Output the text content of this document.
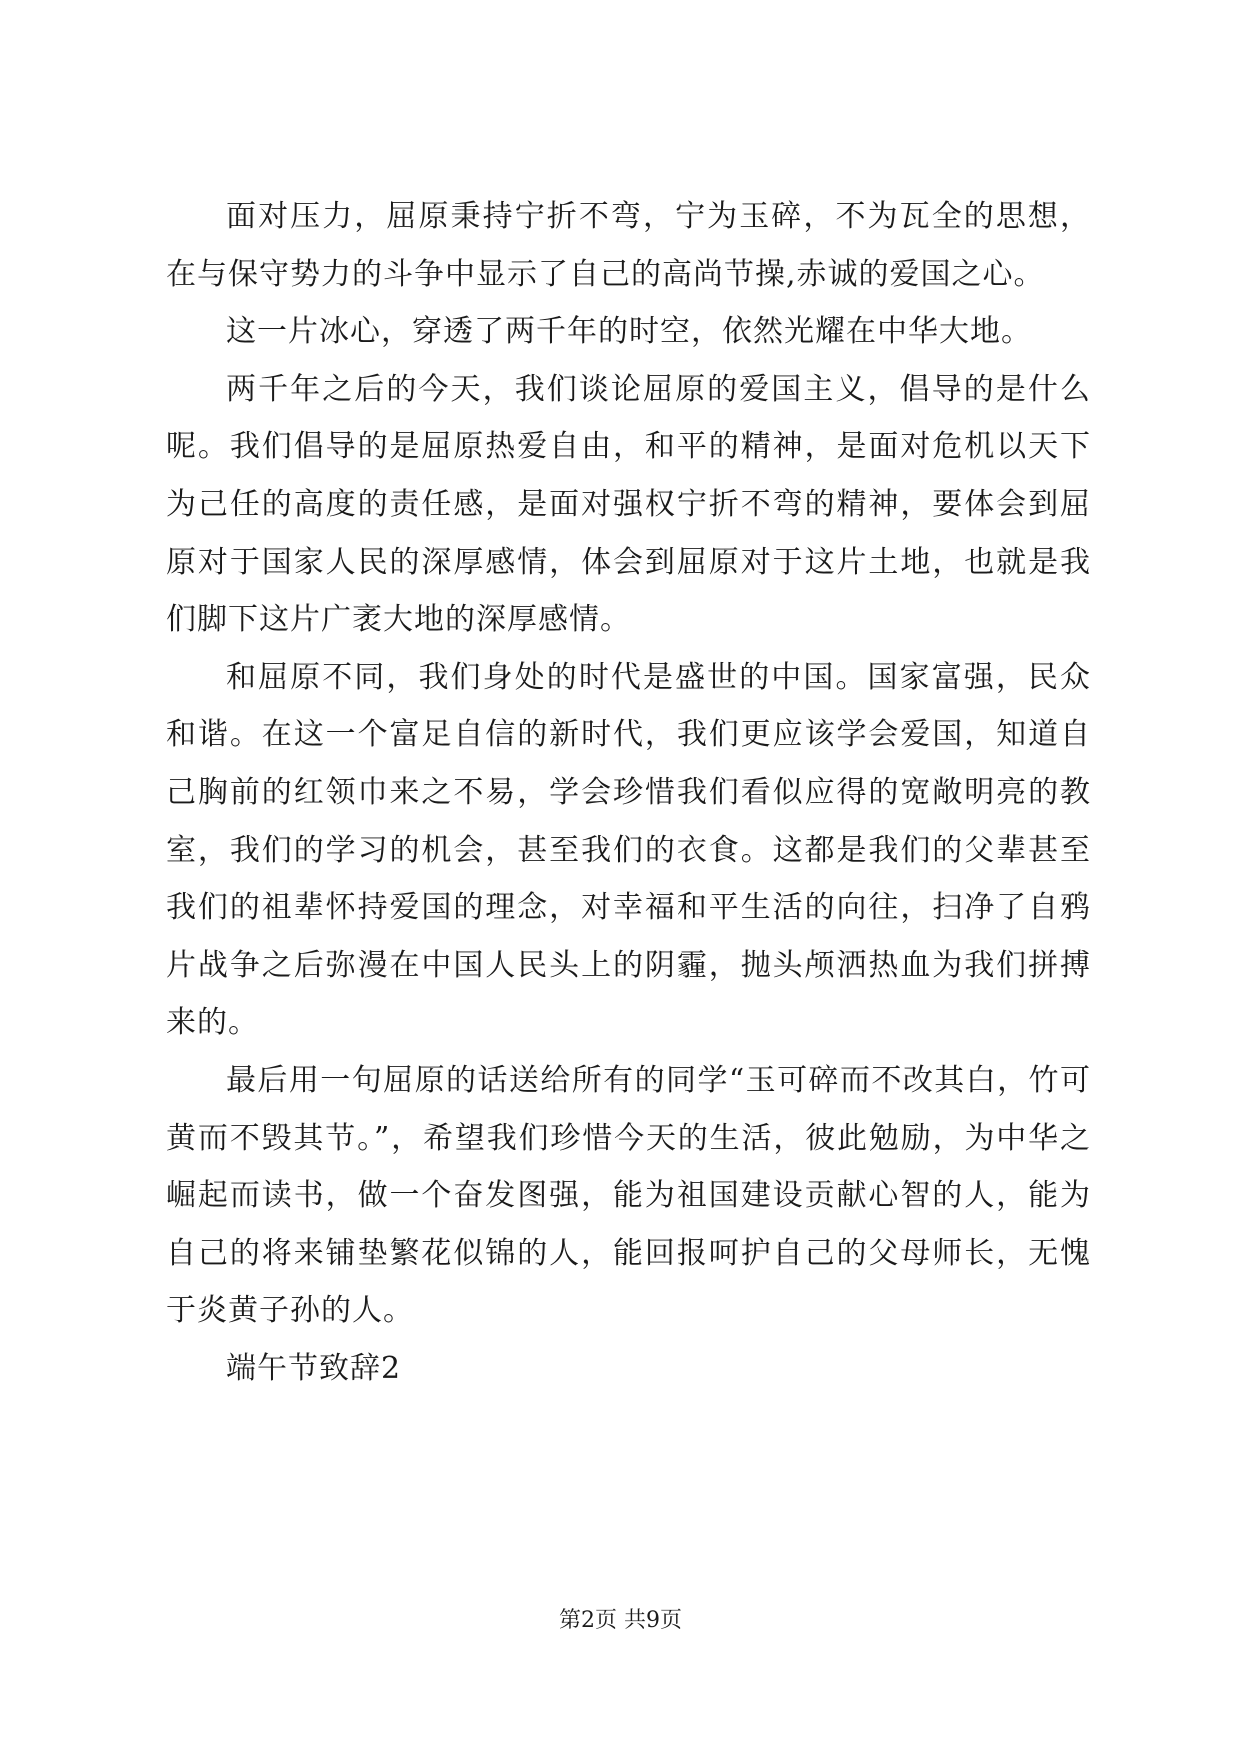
面对压力，屈原秉持宁折不弯，宁为玉碎，不为瓦全的思想，在与保守势力的斗争中显示了自己的高尚节操,赤诚的爱国之心。

这一片冰心，穿透了两千年的时空，依然光耀在中华大地。

两千年之后的今天，我们谈论屈原的爱国主义，倡导的是什么呢。我们倡导的是屈原热爱自由，和平的精神，是面对危机以天下为己任的高度的责任感，是面对强权宁折不弯的精神，要体会到屈原对于国家人民的深厚感情，体会到屈原对于这片土地，也就是我们脚下这片广袤大地的深厚感情。

和屈原不同，我们身处的时代是盛世的中国。国家富强，民众和谐。在这一个富足自信的新时代，我们更应该学会爱国，知道自己胸前的红领巾来之不易，学会珍惜我们看似应得的宽敞明亮的教室，我们的学习的机会，甚至我们的衣食。这都是我们的父辈甚至我们的祖辈怀持爱国的理念，对幸福和平生活的向往，扫净了自鸦片战争之后弥漫在中国人民头上的阴霾，抛头颅洒热血为我们拼搏来的。

最后用一句屈原的话送给所有的同学“玉可碎而不改其白，竹可黄而不毁其节。”，希望我们珍惜今天的生活，彼此勉励，为中华之崛起而读书，做一个奋发图强，能为祖国建设贡献心智的人，能为自己的将来铺垫繁花似锦的人，能回报呵护自己的父母师长，无愧于炎黄子孙的人。

端午节致辞2

第2页 共9页
